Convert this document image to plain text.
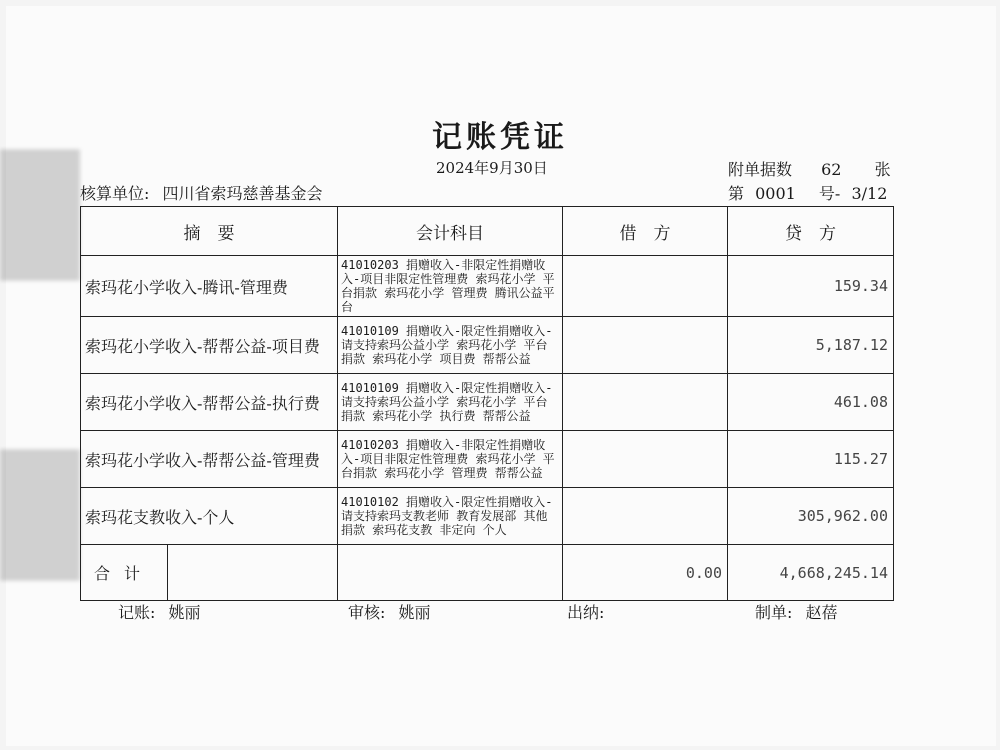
记账凭证
2024年9月30日	附单据数 62 张
核算单位: 四川省索玛慈善基金会	第 0001 号- 3/12
摘　要		会计科目	借　方	贷　方
索玛花小学收入-腾讯-管理费		41010203 捐赠收入-非限定性捐赠收入-项目非限定性管理费 索玛花小学 平台捐款 索玛花小学 管理费 腾讯公益平台		159.34
索玛花小学收入-帮帮公益-项目费		41010109 捐赠收入-限定性捐赠收入-请支持索玛公益小学 索玛花小学 平台捐款 索玛花小学 项目费 帮帮公益		5,187.12
索玛花小学收入-帮帮公益-执行费		41010109 捐赠收入-限定性捐赠收入-请支持索玛公益小学 索玛花小学 平台捐款 索玛花小学 执行费 帮帮公益		461.08
索玛花小学收入-帮帮公益-管理费		41010203 捐赠收入-非限定性捐赠收入-项目非限定性管理费 索玛花小学 平台捐款 索玛花小学 管理费 帮帮公益		115.27
索玛花支教收入-个人		41010102 捐赠收入-限定性捐赠收入-请支持索玛支教老师 教育发展部 其他捐款 索玛花支教 非定向 个人		305,962.00
合计			0.00	4,668,245.14
记账: 姚丽	审核: 姚丽	出纳:	制单: 赵蓓
